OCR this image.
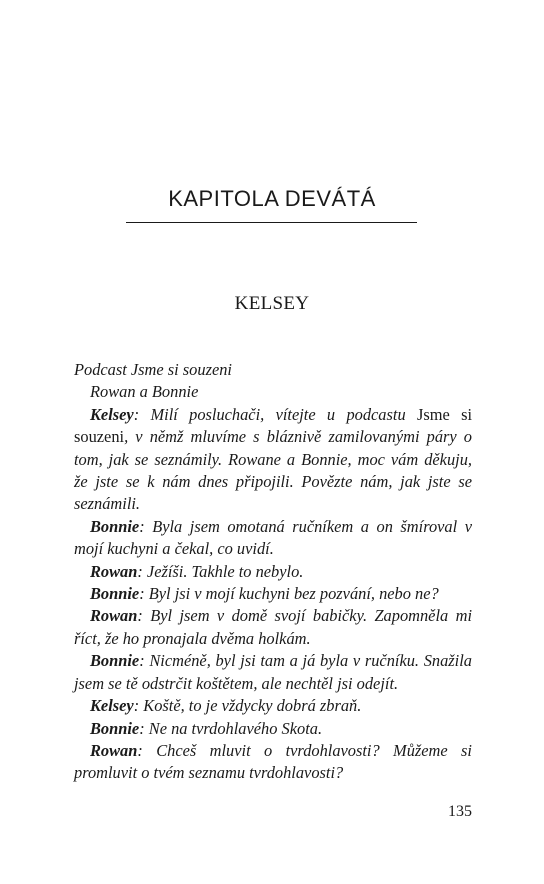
KAPITOLA DEVÁTÁ
KELSEY

Podcast Jsme si souzeni

Rowan a Bonnie

Kelsey: Milí posluchači, vítejte u podcastu Jsme si souzeni, v němž mluvíme s bláznivě zamilovanými páry o tom, jak se seznámily. Rowane a Bonnie, moc vám děkuju, že jste se k nám dnes připojili. Povězte nám, jak jste se seznámili.

Bonnie: Byla jsem omotaná ručníkem a on šmíroval v mojí kuchyni a čekal, co uvidí.

Rowan: Ježíši. Takhle to nebylo.

Bonnie: Byl jsi v mojí kuchyni bez pozvání, nebo ne?

Rowan: Byl jsem v domě svojí babičky. Zapomněla mi říct, že ho pronajala dvěma holkám.

Bonnie: Nicméně, byl jsi tam a já byla v ručníku. Snažila jsem se tě odstrčit koštětem, ale nechtěl jsi odejít.

Kelsey: Koště, to je vždycky dobrá zbraň.

Bonnie: Ne na tvrdohlavého Skota.

Rowan: Chceš mluvit o tvrdohlavosti? Můžeme si promluvit o tvém seznamu tvrdohlavosti?

135
